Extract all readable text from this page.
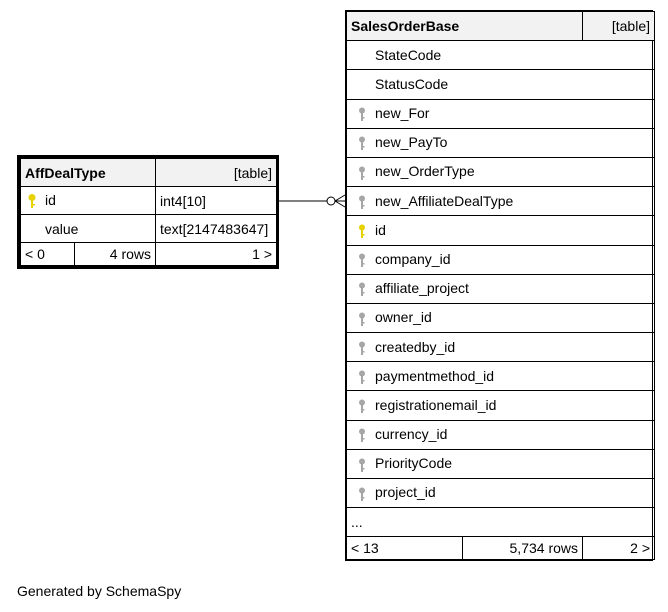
AffDealType		[table]

id		int4[10]
value		text[2147483647]
< 0	4 rows	1 >
SalesOrderBase		[table]
StateCode		
StatusCode		

new_For		

new_PayTo		

new_OrderType		

new_AffiliateDealType		

id		

company_id		

affiliate_project		

owner_id		

createdby_id		

paymentmethod_id		

registrationemail_id		

currency_id		

PriorityCode		

project_id		
...		
< 13	5,734 rows	2 >
Generated by SchemaSpy
